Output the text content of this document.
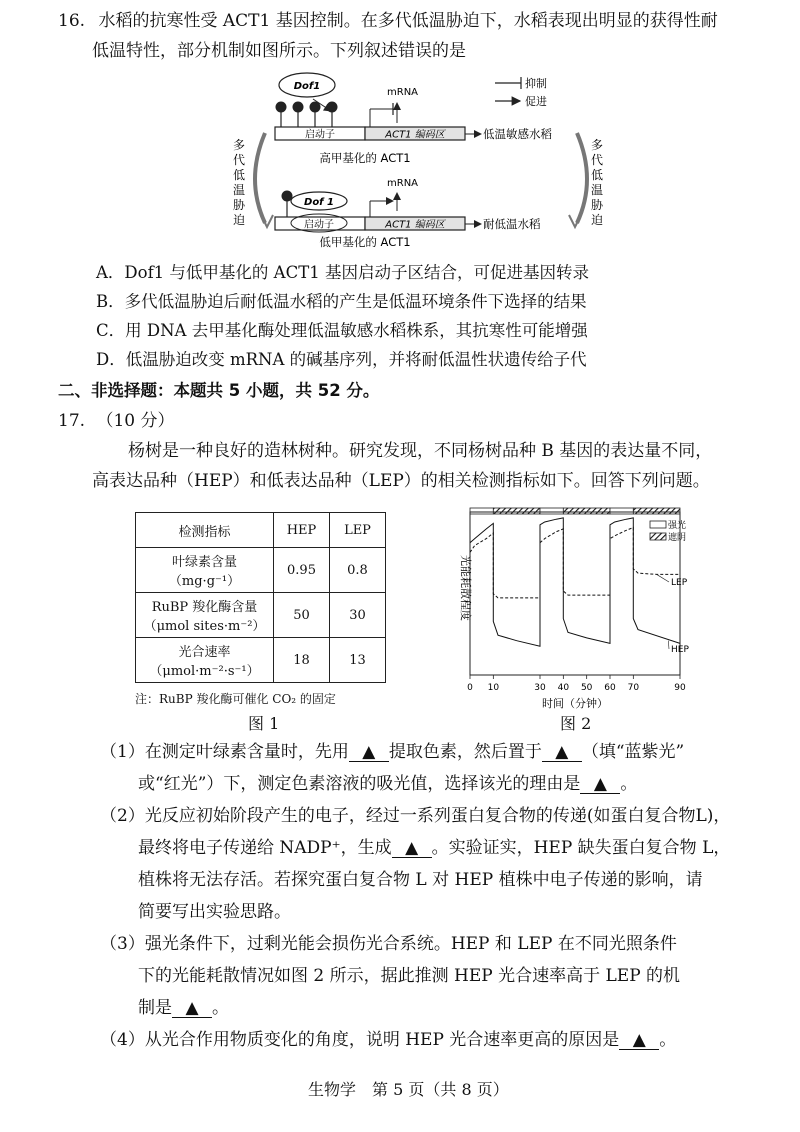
16. 水稻的抗寒性受 ACT1 基因控制。在多代低温胁迫下，水稻表现出明显的获得性耐
低温特性，部分机制如图所示。下列叙述错误的是
抑制
促进
Dof1
启动子	ACT1 编码区
mRNA
低温敏感水稻
高甲基化的 ACT1
Dof 1
启动子	ACT1 编码区
mRNA
耐低温水稻
低甲基化的 ACT1
多
代
低
温
胁
迫
多
代
低
温
胁
迫
A．Dof1 与低甲基化的 ACT1 基因启动子区结合，可促进基因转录
B．多代低温胁迫后耐低温水稻的产生是低温环境条件下选择的结果
C．用 DNA 去甲基化酶处理低温敏感水稻株系，其抗寒性可能增强
D．低温胁迫改变 mRNA 的碱基序列，并将耐低温性状遗传给子代
二、非选择题：本题共 5 小题，共 52 分。
17. （10 分）
杨树是一种良好的造林树种。研究发现，不同杨树品种 B 基因的表达量不同，
高表达品种（HEP）和低表达品种（LEP）的相关检测指标如下。回答下列问题。
检测指标	HEP	LEP

叶绿素含量
（mg·g⁻¹）	0.95	0.8

RuBP 羧化酶含量
（μmol sites·m⁻²）	50	30

光合速率
（μmol·m⁻²·s⁻¹）	18	13
注：RuBP 羧化酶可催化 CO₂ 的固定
图 1
0 10	30 40 50 60 70	90
强光
遮阴
光能耗散程度
时间（分钟）
LEP
HEP
图 2
（1）在测定叶绿素含量时，先用 ▲ 提取色素，然后置于 ▲ （填“蓝紫光”
或“红光”）下，测定色素溶液的吸光值，选择该光的理由是 ▲ 。
（2）光反应初始阶段产生的电子，经过一系列蛋白复合物的传递(如蛋白复合物L)，
最终将电子传递给 NADP⁺，生成 ▲ 。实验证实，HEP 缺失蛋白复合物 L，
植株将无法存活。若探究蛋白复合物 L 对 HEP 植株中电子传递的影响，请
简要写出实验思路。
（3）强光条件下，过剩光能会损伤光合系统。HEP 和 LEP 在不同光照条件
下的光能耗散情况如图 2 所示，据此推测 HEP 光合速率高于 LEP 的机
制是 ▲ 。
（4）从光合作用物质变化的角度，说明 HEP 光合速率更高的原因是 ▲ 。
生物学　第 5 页（共 8 页）
